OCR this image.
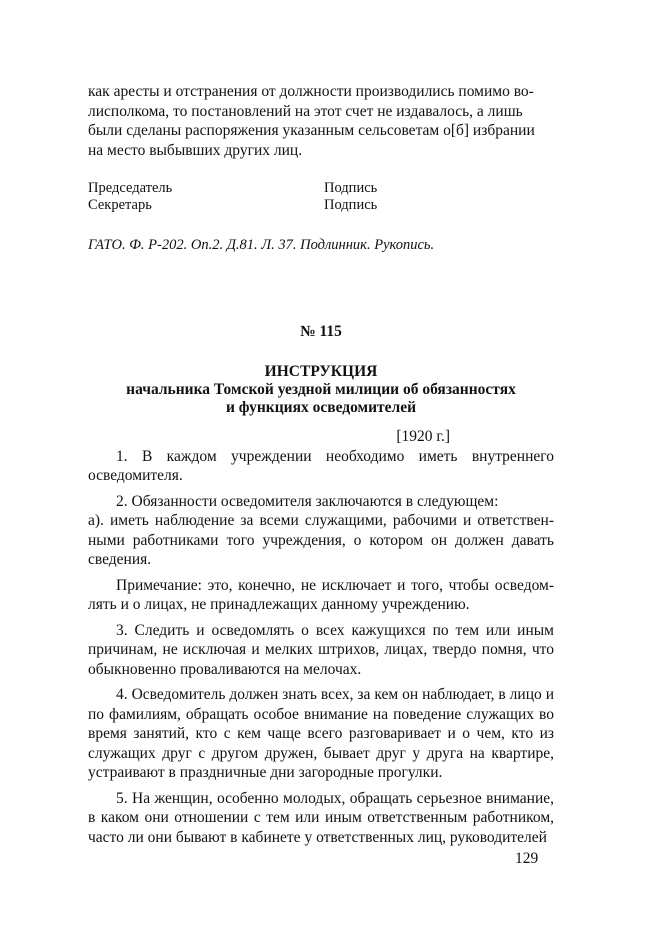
как аресты и отстранения от должности производились помимо во-
лисполкома, то постановлений на этот счет не издавалось, а лишь
были сделаны распоряжения указанным сельсоветам о[б] избрании
на место выбывших других лиц.
Председатель	Подпись
Секретарь	Подпись
ГАТО. Ф. Р-202. Оп.2. Д.81. Л. 37. Подлинник. Рукопись.
№ 115
ИНСТРУКЦИЯ
начальника Томской уездной милиции об обязанностях
и функциях осведомителей
[1920 г.]

1. В каждом учреждении необходимо иметь внутреннего осведомителя.

2. Обязанности осведомителя заключаются в следующем:

а). иметь наблюдение за всеми служащими, рабочими и ответствен- ными работниками того учреждения, о котором он должен давать сведения.

Примечание: это, конечно, не исключает и того, чтобы осведом- лять и о лицах, не принадлежащих данному учреждению.

3. Следить и осведомлять о всех кажущихся по тем или иным причинам, не исключая и мелких штрихов, лицах, твердо помня, что обыкновенно проваливаются на мелочах.

4. Осведомитель должен знать всех, за кем он наблюдает, в лицо и по фамилиям, обращать особое внимание на поведение служащих во время занятий, кто с кем чаще всего разговаривает и о чем, кто из служащих друг с другом дружен, бывает друг у друга на квартире, устраивают в праздничные дни загородные прогулки.

5. На женщин, особенно молодых, обращать серьезное внимание, в каком они отношении с тем или иным ответственным работником, часто ли они бывают в кабинете у ответственных лиц, руководителей

129
